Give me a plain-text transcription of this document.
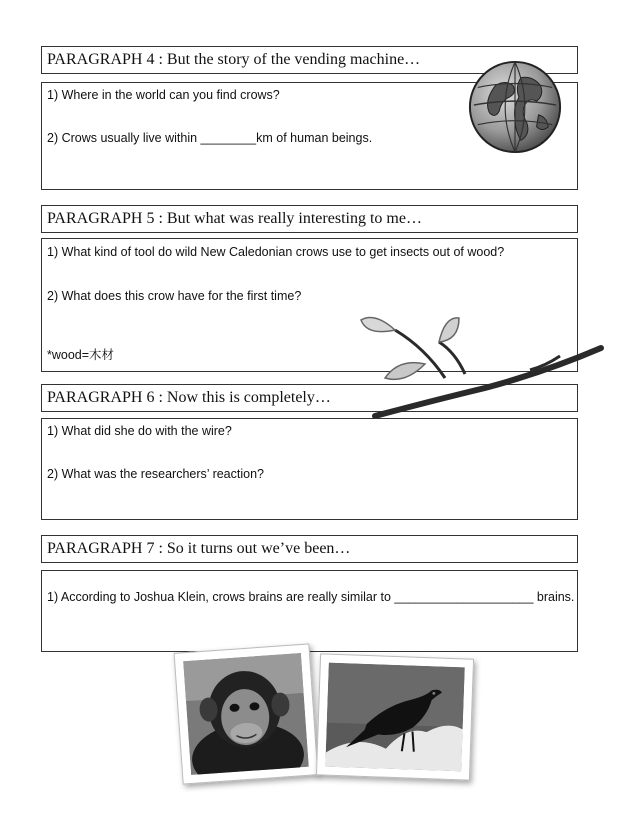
PARAGRAPH 4 : But the story of the vending machine…
1) Where in the world can you find crows?
2) Crows usually live within ________km of human beings.
PARAGRAPH 5 : But what was really interesting to me…
1) What kind of tool do wild New Caledonian crows use to get insects out of wood?
2) What does this crow have for the first time?
*wood=木材
PARAGRAPH 6 : Now this is completely…
1) What did she do with the wire?
2) What was the researchers’ reaction?
PARAGRAPH 7 : So it turns out we’ve been…
1) According to Joshua Klein, crows brains are really similar to ____________________ brains.
